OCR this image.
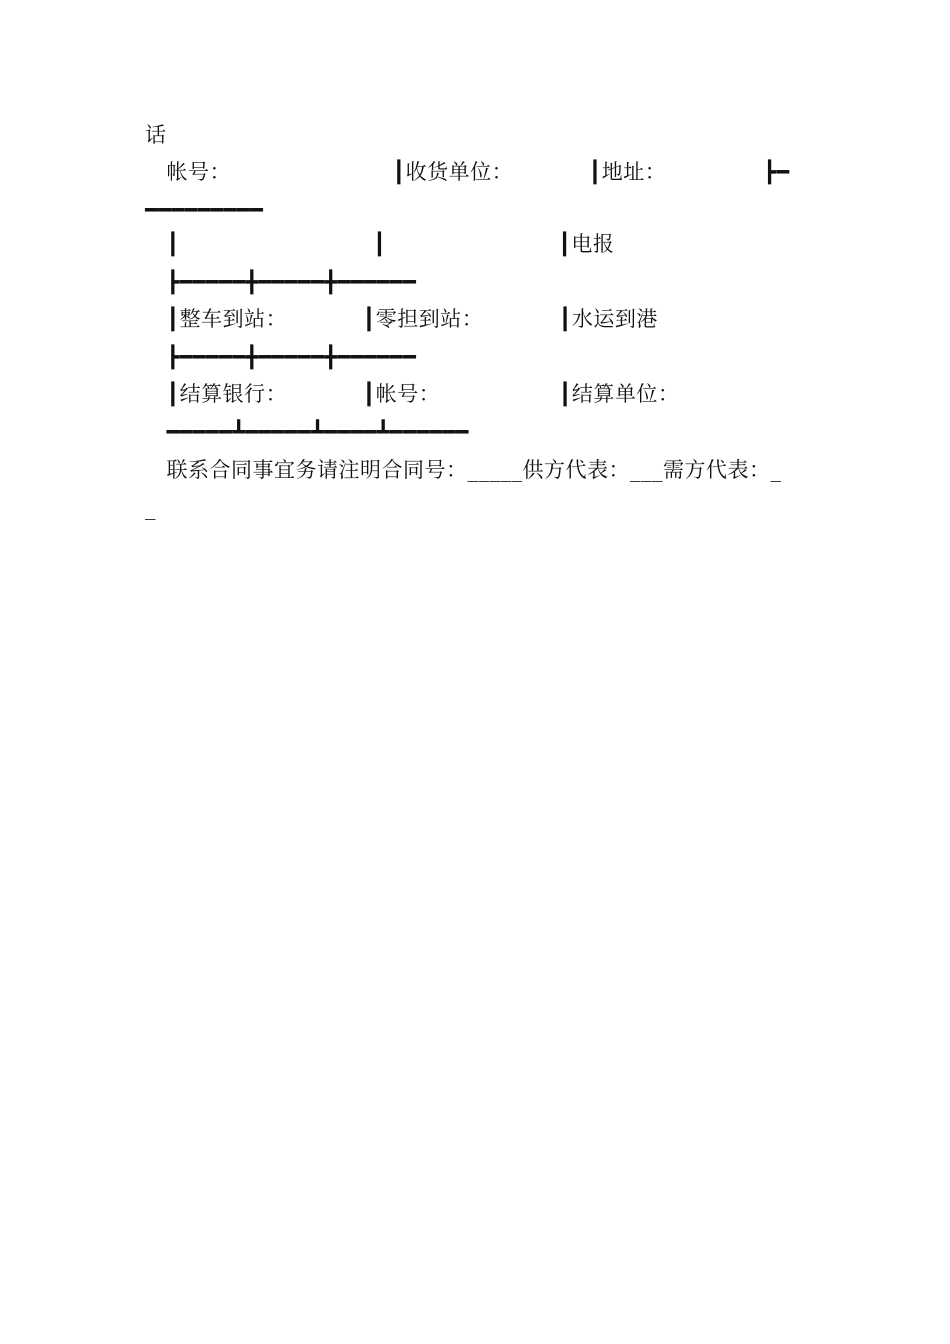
话
　帐号：　　　　　　　　┃收货单位：　　　　┃地址：　　　　　┣━
━━━━━━━━━
　┃　　　　　　　　　┃　　　　　　　　┃电报
　┣━━━━━╋━━━━━╋━━━━━━
　┃整车到站：　　　　┃零担到站：　　　　┃水运到港
　┣━━━━━╋━━━━━╋━━━━━━
　┃结算银行：　　　　┃帐号：　　　　　　┃结算单位：
　━━━━━┻━━━━━┻━━━━┻━━━━━━
　联系合同事宜务请注明合同号：_____供方代表：___需方代表：_
_
